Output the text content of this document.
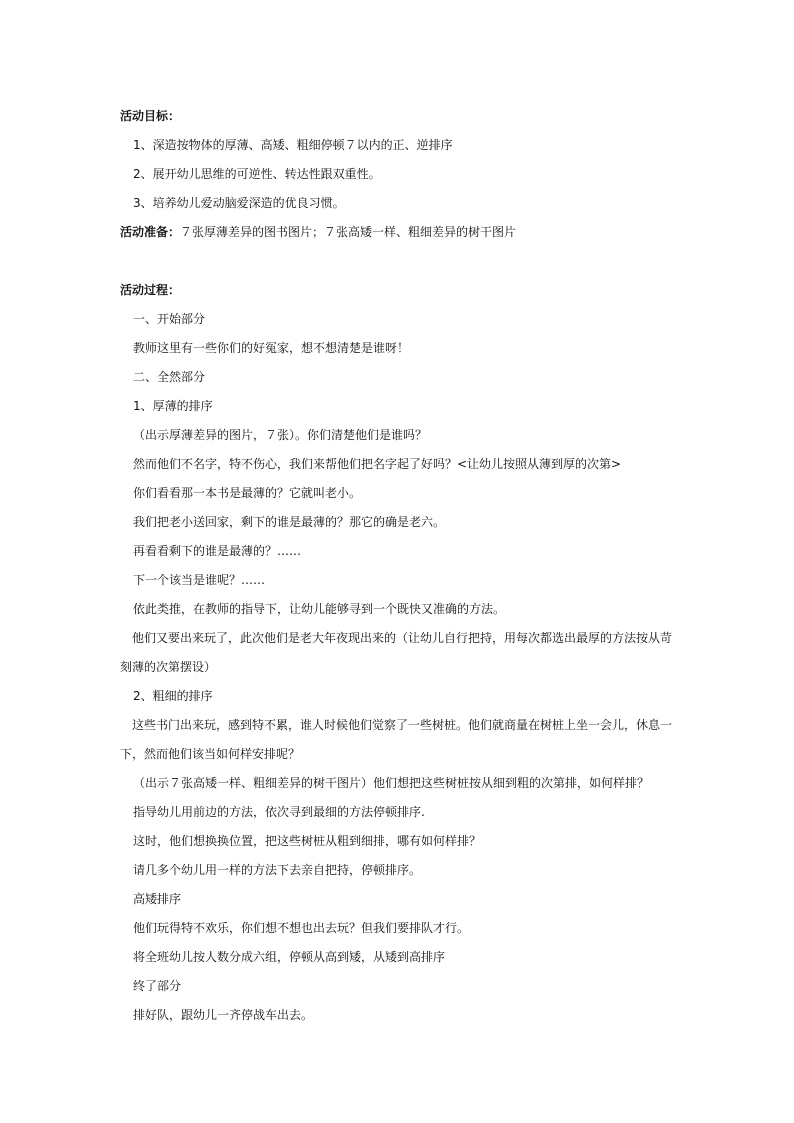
活动目标：

1、深造按物体的厚薄、高矮、粗细停顿７以内的正、逆排序

2、展开幼儿思维的可逆性、转达性跟双重性。

3、培养幼儿爱动脑爱深造的优良习惯。

活动准备：７张厚薄差异的图书图片；７张高矮一样、粗细差异的树干图片

活动过程：

一、开始部分

教师这里有一些你们的好冤家，想不想清楚是谁呀！

二、全然部分

1、厚薄的排序

（出示厚薄差异的图片，７张）。你们清楚他们是谁吗？

然而他们不名字，特不伤心，我们来帮他们把名字起了好吗？<让幼儿按照从薄到厚的次第>

你们看看那一本书是最薄的？它就叫老小。

我们把老小送回家，剩下的谁是最薄的？那它的确是老六。

再看看剩下的谁是最薄的？……

下一个该当是谁呢？……

依此类推，在教师的指导下，让幼儿能够寻到一个既快又准确的方法。

他们又要出来玩了，此次他们是老大年夜现出来的（让幼儿自行把持，用每次都选出最厚的方法按从苛刻薄的次第摆设）

2、粗细的排序

这些书门出来玩，感到特不累，谁人时候他们觉察了一些树桩。他们就商量在树桩上坐一会儿，休息一下，然而他们该当如何样安排呢？

（出示７张高矮一样、粗细差异的树干图片）他们想把这些树桩按从细到粗的次第排，如何样排？

指导幼儿用前边的方法，依次寻到最细的方法停顿排序.

这时，他们想换换位置，把这些树桩从粗到细排，哪有如何样排？

请几多个幼儿用一样的方法下去亲自把持，停顿排序。

高矮排序

他们玩得特不欢乐，你们想不想也出去玩？但我们要排队才行。

将全班幼儿按人数分成六组，停顿从高到矮，从矮到高排序

终了部分

排好队，跟幼儿一齐停战车出去。
